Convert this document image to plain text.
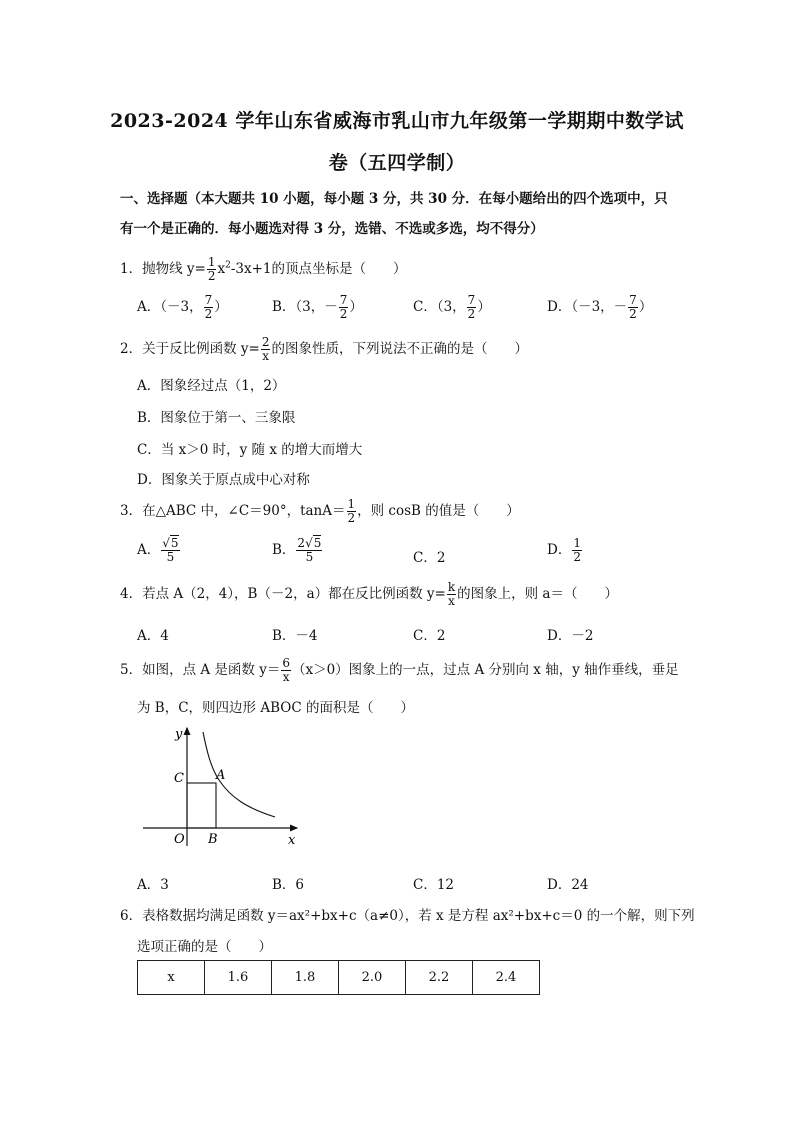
2023-2024 学年山东省威海市乳山市九年级第一学期期中数学试
卷（五四学制）
一、选择题（本大题共 10 小题，每小题 3 分，共 30 分．在每小题给出的四个选项中，只
有一个是正确的．每小题选对得 3 分，选错、不选或多选，均不得分）
1．抛物线 $y= \frac{1}{2} x^2-3x+1$的顶点坐标是（　　）
A．（－3， $\frac{7}{2}$ ）	B．（3，－ $\frac{7}{2}$ ）	C．（3， $\frac{7}{2}$ ）	D．（－3，－ $\frac{7}{2}$ ）
2．关于反比例函数 $y= \frac{2}{x}$ 的图象性质，下列说法不正确的是（　　）
A．图象经过点（1，2）
B．图象位于第一、三象限
C．当 x＞0 时，y 随 x 的增大而增大
D．图象关于原点成中心对称
3．在△ABC 中，∠C＝90°，$\tan A= \frac{1}{2}$ ，则 cosB 的值是（　　）
A． $\frac{√5}{5}$	B． $\frac{2√5}{5}$	C．2	D． $\frac{1}{2}$
4．若点 A（2，4），B（－2，a）都在反比例函数 $y= \frac{k}{x}$ 的图象上，则 a＝（　　）
A．4	B．－4	C．2	D．－2
5．如图，点 A 是函数 $y= \frac{6}{x} (x>0)$图象上的一点，过点 A 分别向 x 轴，y 轴作垂线，垂足
为 B，C，则四边形 ABOC 的面积是（　　）
y
C A
O B	x
A．3	B．6	C．12	D．24
6．表格数据均满足函数 y＝ax²+bx+c（a≠0），若 x 是方程 ax²+bx+c＝0 的一个解，则下列
选项正确的是（　　）
x	1.6	1.8	2.0	2.2	2.4
